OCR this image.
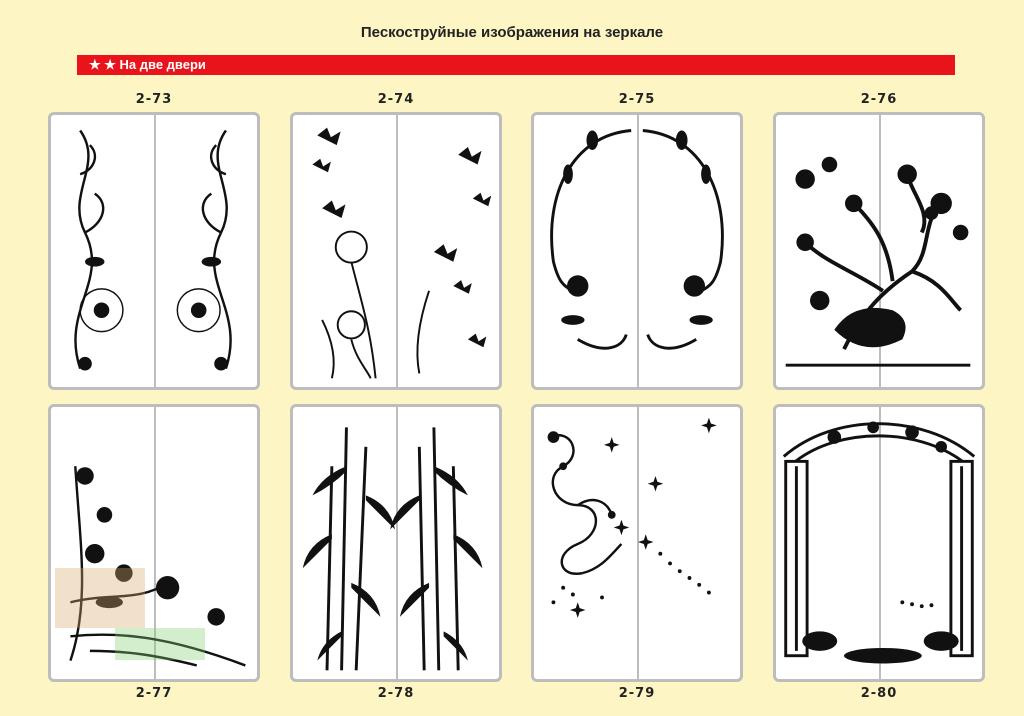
Пескоструйные изображения на зеркале
★ ★ На две двери
2-73	2-74	2-75	2-76
2-77	2-78	2-79	2-80
